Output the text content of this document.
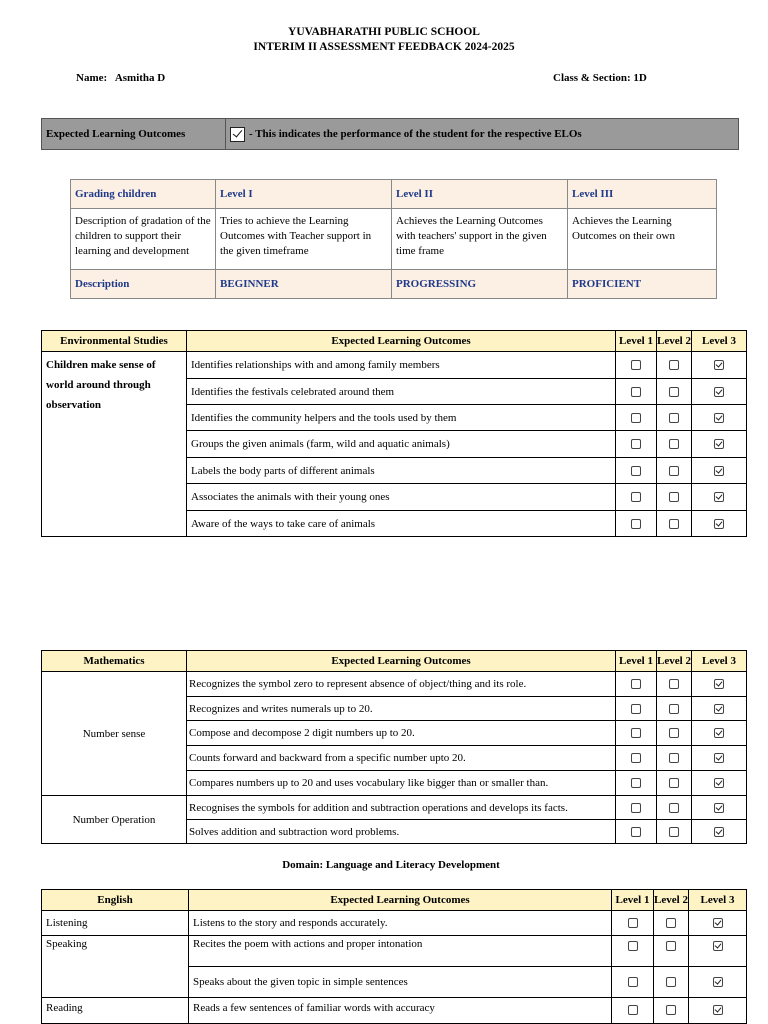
YUVABHARATHI PUBLIC SCHOOL
INTERIM II ASSESSMENT FEEDBACK 2024-2025
Name: Asmitha D	Class & Section: 1D
Expected Learning Outcomes	- This indicates the performance of the student for the respective ELOs
Grading children	Level I	Level II	Level III
Description of gradation of the children to support their learning and development	Tries to achieve the Learning Outcomes with Teacher support in the given timeframe	Achieves the Learning Outcomes with teachers' support in the given time frame	Achieves the Learning Outcomes on their own
Description	BEGINNER	PROGRESSING	PROFICIENT
Environmental Studies	Expected Learning Outcomes	Level 1	Level 2	Level 3
Children make sense of world around through observation	Identifies relationships with and among family members			
	Identifies the festivals celebrated around them			
	Identifies the community helpers and the tools used by them			
	Groups the given animals (farm, wild and aquatic animals)			
	Labels the body parts of different animals			
	Associates the animals with their young ones			
	Aware of the ways to take care of animals			
Mathematics	Expected Learning Outcomes	Level 1	Level 2	Level 3
Number sense	Recognizes the symbol zero to represent absence of object/thing and its role.			
	Recognizes and writes numerals up to 20.			
	Compose and decompose 2 digit numbers up to 20.			
	Counts forward and backward from a specific number upto 20.			
	Compares numbers up to 20 and uses vocabulary like bigger than or smaller than.			
Number Operation	Recognises the symbols for addition and subtraction operations and develops its facts.			
	Solves addition and subtraction word problems.			
Domain: Language and Literacy Development
English	Expected Learning Outcomes	Level 1	Level 2	Level 3
Listening	Listens to the story and responds accurately.			
Speaking	Recites the poem with actions and proper intonation			
	Speaks about the given topic in simple sentences			
Reading	Reads a few sentences of familiar words with accuracy			
